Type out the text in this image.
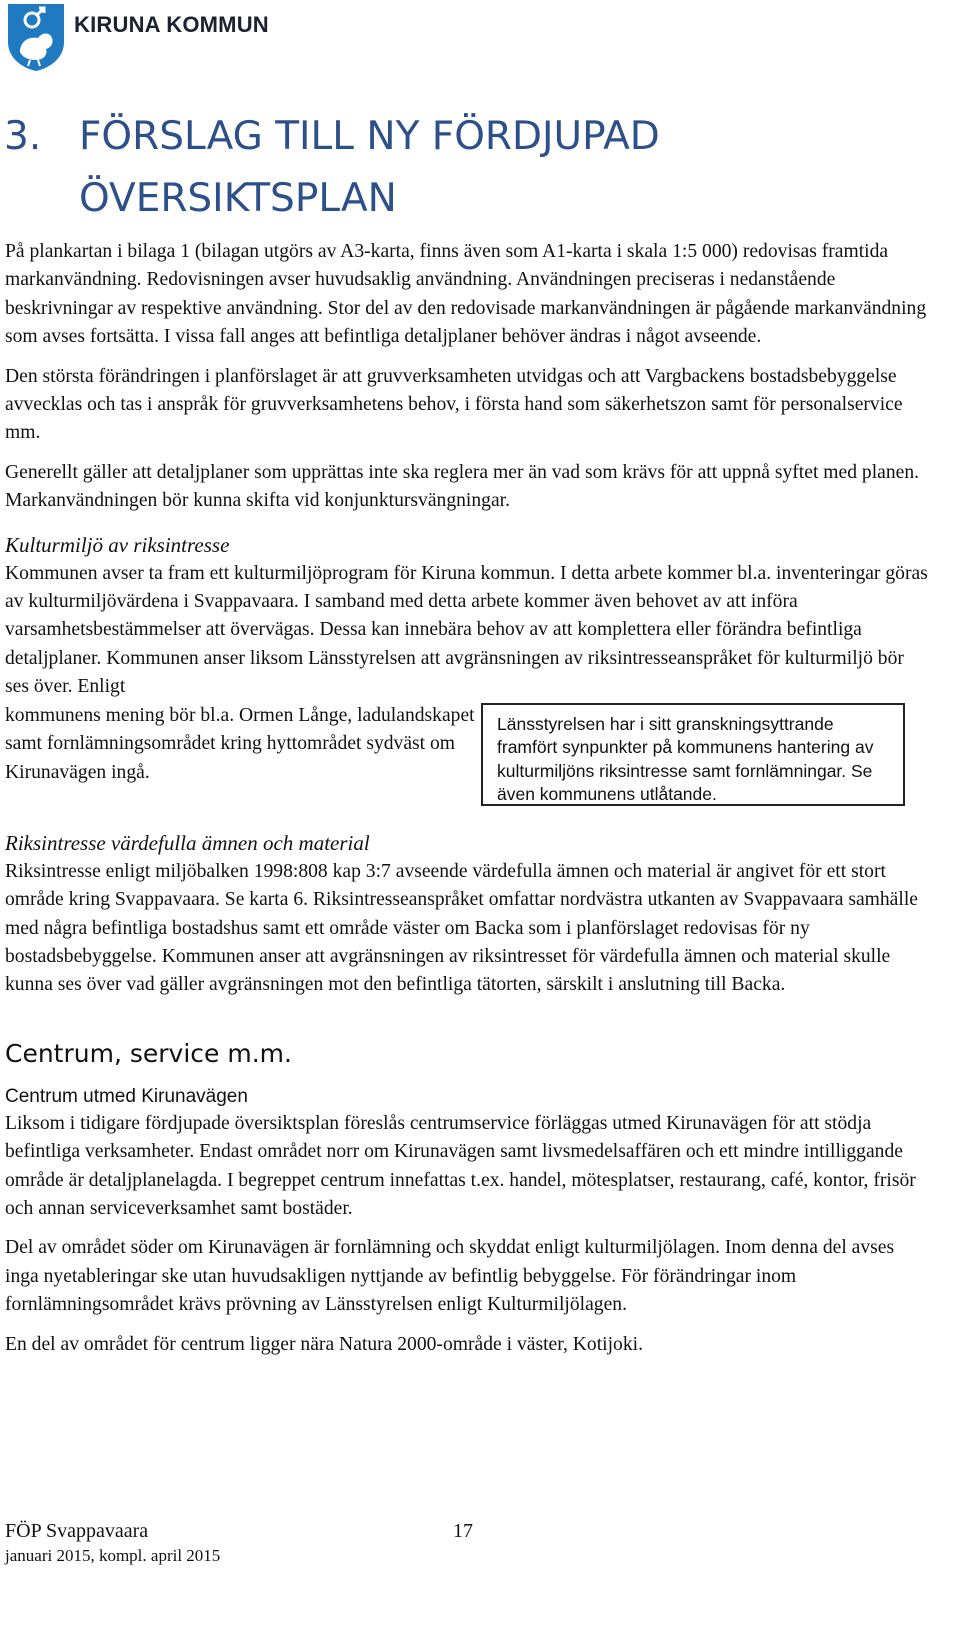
KIRUNA KOMMUN
3. FÖRSLAG TILL NY FÖRDJUPAD
ÖVERSIKTSPLAN

På plankartan i bilaga 1 (bilagan utgörs av A3-karta, finns även som A1-karta i skala 1:5 000) redovisas framtida markanvändning. Redovisningen avser huvudsaklig användning. Användningen preciseras i nedanstående beskrivningar av respektive användning. Stor del av den redovisade markanvändningen är pågående markanvändning som avses fortsätta. I vissa fall anges att befintliga detaljplaner behöver ändras i något avseende.

Den största förändringen i planförslaget är att gruvverksamheten utvidgas och att Vargbackens bostadsbebyggelse avvecklas och tas i anspråk för gruvverksamhetens behov, i första hand som säkerhetszon samt för personalservice mm.

Generellt gäller att detaljplaner som upprättas inte ska reglera mer än vad som krävs för att uppnå syftet med planen. Markanvändningen bör kunna skifta vid konjunktursvängningar.

Kulturmiljö av riksintresse

Kommunen avser ta fram ett kulturmiljöprogram för Kiruna kommun. I detta arbete kommer bl.a. inventeringar göras av kulturmiljövärdena i Svappavaara. I samband med detta arbete kommer även behovet av att införa varsamhetsbestämmelser att övervägas. Dessa kan innebära behov av att komplettera eller förändra befintliga detaljplaner. Kommunen anser liksom Länsstyrelsen att avgränsningen av riksintresseanspråket för kulturmiljö bör ses över. Enligt

kommunens mening bör bl.a. Ormen Långe, ladulandskapet samt fornlämningsområdet kring hyttområdet sydväst om Kirunavägen ingå.
Länsstyrelsen har i sitt granskningsyttrande framfört synpunkter på kommunens hantering av kulturmiljöns riksintresse samt fornlämningar. Se även kommunens utlåtande.
Riksintresse värdefulla ämnen och material

Riksintresse enligt miljöbalken 1998:808 kap 3:7 avseende värdefulla ämnen och material är angivet för ett stort område kring Svappavaara. Se karta 6. Riksintresseanspråket omfattar nordvästra utkanten av Svappavaara samhälle med några befintliga bostadshus samt ett område väster om Backa som i planförslaget redovisas för ny bostadsbebyggelse. Kommunen anser att avgränsningen av riksintresset för värdefulla ämnen och material skulle kunna ses över vad gäller avgränsningen mot den befintliga tätorten, särskilt i anslutning till Backa.

Centrum, service m.m.
Centrum utmed Kirunavägen

Liksom i tidigare fördjupade översiktsplan föreslås centrumservice förläggas utmed Kirunavägen för att stödja befintliga verksamheter. Endast området norr om Kirunavägen samt livsmedelsaffären och ett mindre intilliggande område är detaljplanelagda. I begreppet centrum innefattas t.ex. handel, mötesplatser, restaurang, café, kontor, frisör och annan serviceverksamhet samt bostäder.

Del av området söder om Kirunavägen är fornlämning och skyddat enligt kulturmiljölagen. Inom denna del avses inga nyetableringar ske utan huvudsakligen nyttjande av befintlig bebyggelse. För förändringar inom fornlämningsområdet krävs prövning av Länsstyrelsen enligt Kulturmiljölagen.

En del av området för centrum ligger nära Natura 2000-område i väster, Kotijoki.

FÖP Svappavaara
januari 2015, kompl. april 2015
17
